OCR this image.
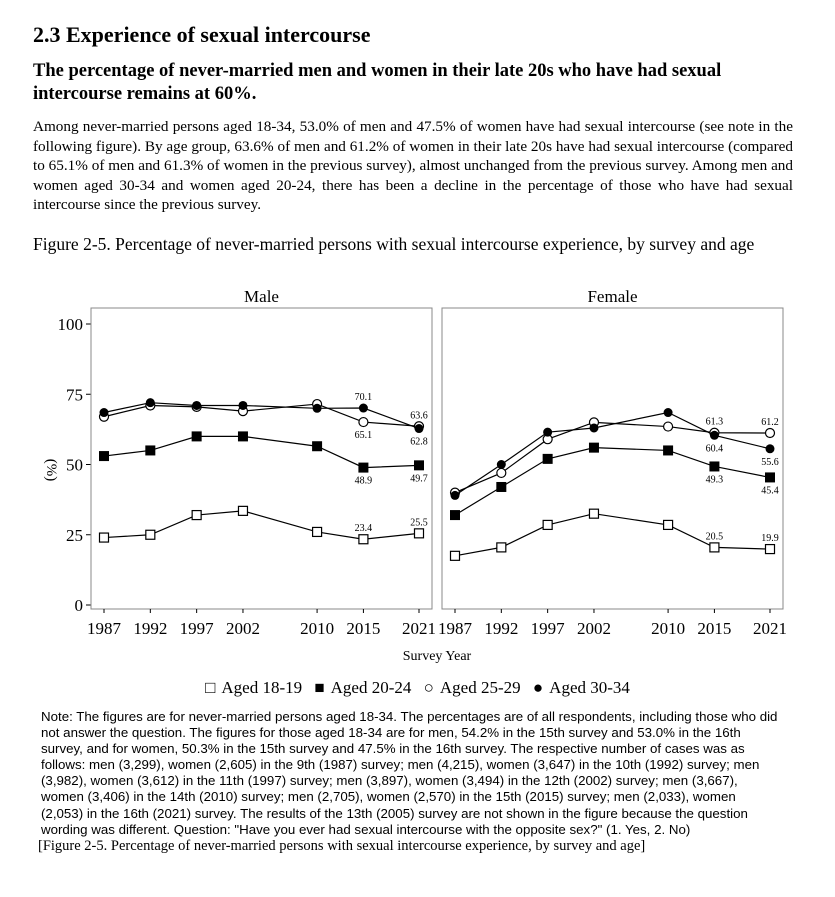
2.3 Experience of sexual intercourse
The percentage of never-married men and women in their late 20s who have had sexual intercourse remains at 60%.
Among never-married persons aged 18-34, 53.0% of men and 47.5% of women have had sexual intercourse (see note in the following figure). By age group, 63.6% of men and 61.2% of women in their late 20s have had sexual intercourse (compared to 65.1% of men and 61.3% of women in the previous survey), almost unchanged from the previous survey. Among men and women aged 30-34 and women aged 20-24, there has been a decline in the percentage of those who have had sexual intercourse since the previous survey.
Figure 2-5. Percentage of never-married persons with sexual intercourse experience, by survey and age
0
25
50
75
100
(%)
Male
1987 1992 1997 2002 2010 2015 2021
23.4
25.5
48.9	49.7
65.1
63.6
70.1
62.8
Female
1987 1992 1997 2002 2010 2015 2021
20.5	19.9
49.3
45.4
61.3	61.2
60.4
55.6
Survey Year
□ Aged 18-19 ■ Aged 20-24 ○ Aged 25-29 ● Aged 30-34
Note: The figures are for never-married persons aged 18-34. The percentages are of all respondents, including those who did not answer the question. The figures for those aged 18-34 are for men, 54.2% in the 15th survey and 53.0% in the 16th survey, and for women, 50.3% in the 15th survey and 47.5% in the 16th survey. The respective number of cases was as follows: men (3,299), women (2,605) in the 9th (1987) survey; men (4,215), women (3,647) in the 10th (1992) survey; men (3,982), women (3,612) in the 11th (1997) survey; men (3,897), women (3,494) in the 12th (2002) survey; men (3,667), women (3,406) in the 14th (2010) survey; men (2,705), women (2,570) in the 15th (2015) survey; men (2,033), women (2,053) in the 16th (2021) survey. The results of the 13th (2005) survey are not shown in the figure because the question wording was different. Question: "Have you ever had sexual intercourse with the opposite sex?" (1. Yes, 2. No)
[Figure 2-5. Percentage of never-married persons with sexual intercourse experience, by survey and age]
